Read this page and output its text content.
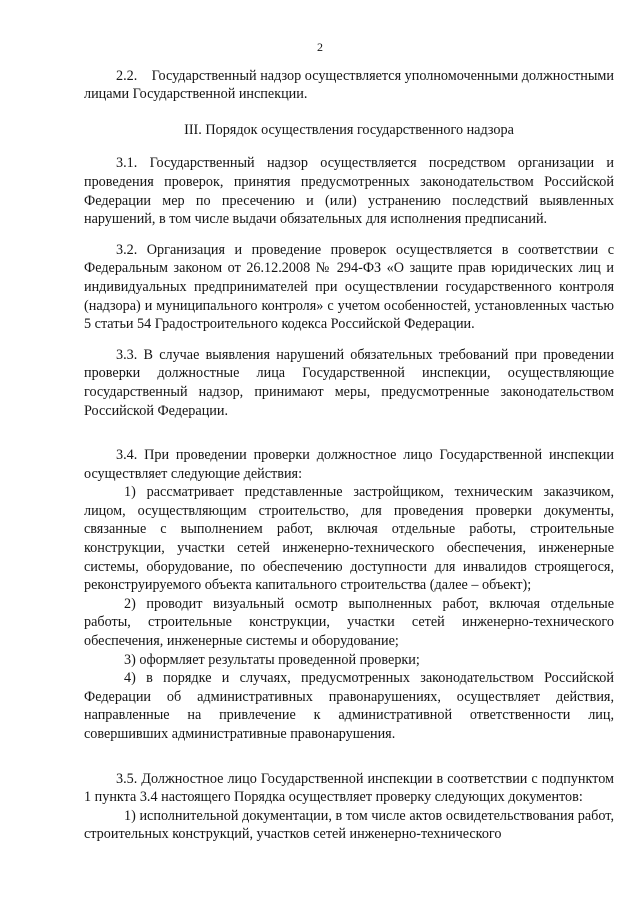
2

2.2.    Государственный надзор осуществляется уполномоченными должностными лицами Государственной инспекции.

III. Порядок осуществления государственного надзора

3.1. Государственный надзор осуществляется посредством организации и проведения проверок, принятия предусмотренных законодательством Российской Федерации мер по пресечению и (или) устранению последствий выявленных нарушений, в том числе выдачи обязательных для исполнения предписаний.

3.2. Организация и проведение проверок осуществляется в соответствии с Федеральным законом от 26.12.2008 № 294-ФЗ «О защите прав юридических лиц и индивидуальных предпринимателей при осуществлении государственного контроля (надзора) и муниципального контроля» с учетом особенностей, установленных частью 5 статьи 54 Градостроительного кодекса Российской Федерации.

3.3. В случае выявления нарушений обязательных требований при проведении проверки должностные лица Государственной инспекции, осуществляющие государственный надзор, принимают меры, предусмотренные законодательством Российской Федерации.

3.4. При проведении проверки должностное лицо Государственной инспекции осуществляет следующие действия:

1) рассматривает представленные застройщиком, техническим заказчиком, лицом, осуществляющим строительство, для проведения проверки документы, связанные с выполнением работ, включая отдельные работы, строительные конструкции, участки сетей инженерно-технического обеспечения, инженерные системы, оборудование, по обеспечению доступности для инвалидов строящегося, реконструируемого объекта капитального строительства (далее – объект);

2) проводит визуальный осмотр выполненных работ, включая отдельные работы, строительные конструкции, участки сетей инженерно-технического обеспечения, инженерные системы и оборудование;

3) оформляет результаты проведенной проверки;

4) в порядке и случаях, предусмотренных законодательством Российской Федерации об административных правонарушениях, осуществляет действия, направленные на привлечение к административной ответственности лиц, совершивших административные правонарушения.

3.5. Должностное лицо Государственной инспекции в соответствии с подпунктом 1 пункта 3.4 настоящего Порядка осуществляет проверку следующих документов:

1) исполнительной документации, в том числе актов освидетельствования работ, строительных конструкций, участков сетей инженерно-технического
